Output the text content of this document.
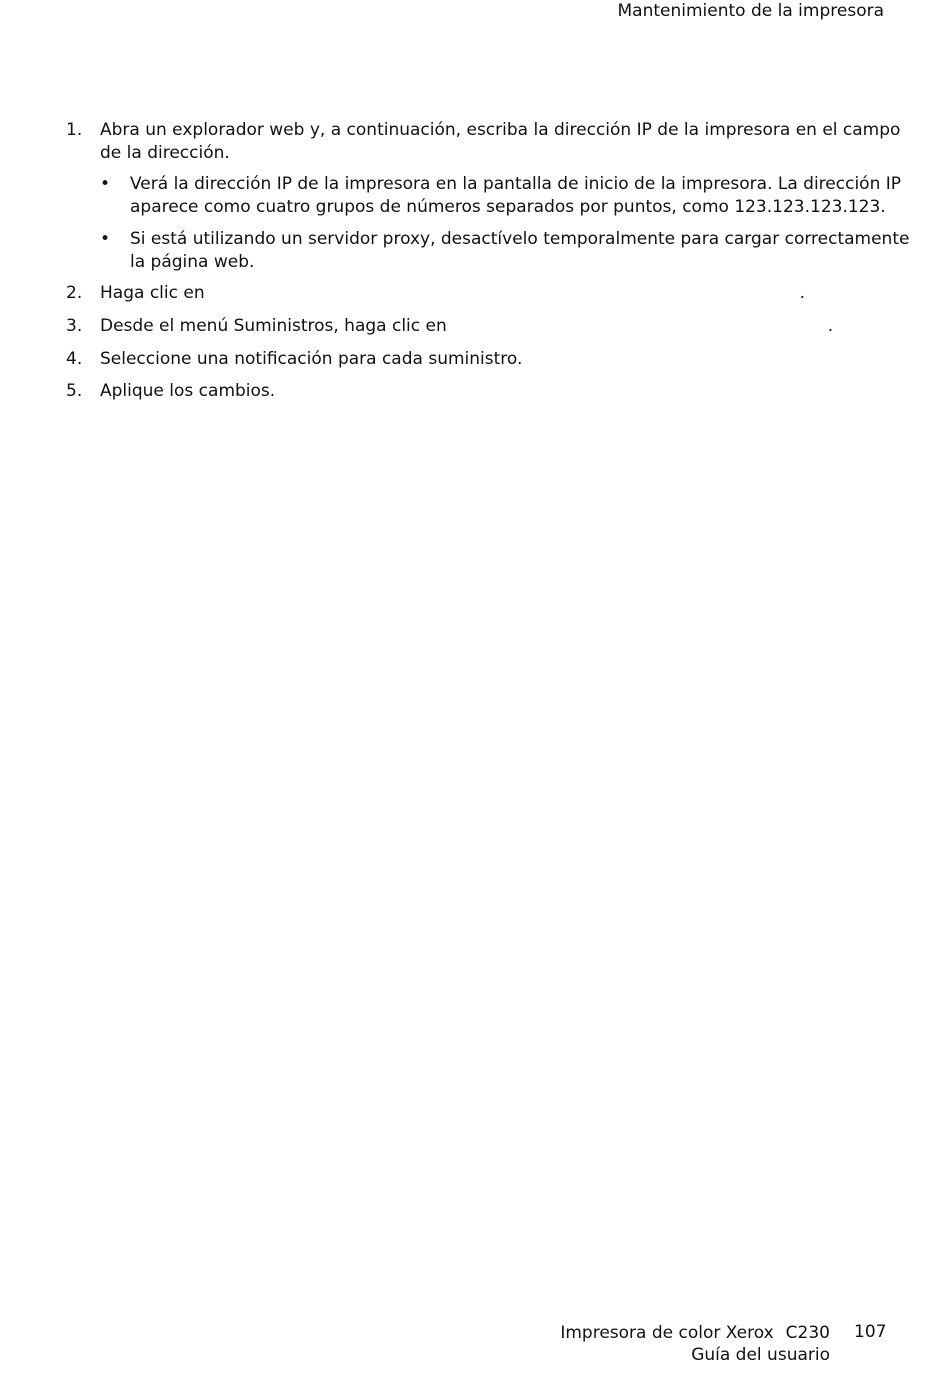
Mantenimiento de la impresora
1.	Abra un explorador web y, a continuación, escriba la dirección IP de la impresora en el campo
de la dirección.
• Verá la dirección IP de la impresora en la pantalla de inicio de la impresora. La dirección IP
aparece como cuatro grupos de números separados por puntos, como 123.123.123.123.
• Si está utilizando un servidor proxy, desactívelo temporalmente para cargar correctamente
la página web.
2.	Haga clic en	.
3.	Desde el menú Suministros, haga clic en	.
4.	Seleccione una notificación para cada suministro.
5.	Aplique los cambios.
Impresora de color Xerox C230
Guía del usuario
107
